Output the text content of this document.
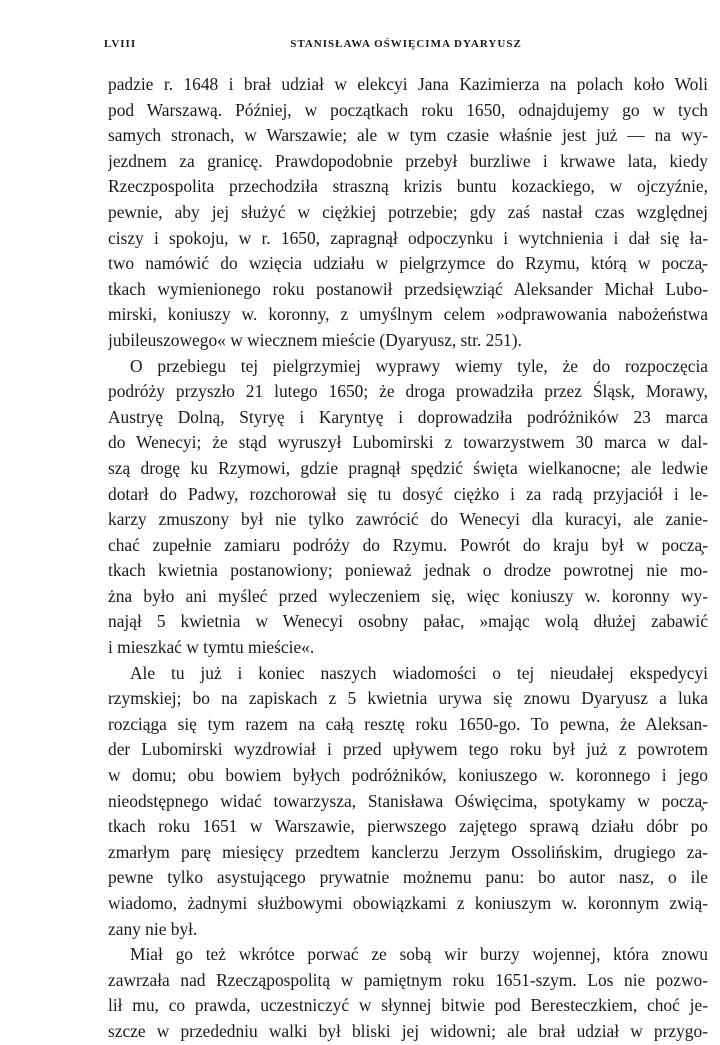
LVIII	STANISŁAWA OŚWIĘCIMA DYARYUSZ
padzie r. 1648 i brał udział w elekcyi Jana Kazimierza na polach koło Woli
pod Warszawą. Później, w początkach roku 1650, odnajdujemy go w tych
samych stronach, w Warszawie; ale w tym czasie właśnie jest już — na wy-
jezdnem za granicę. Prawdopodobnie przebył burzliwe i krwawe lata, kiedy
Rzeczpospolita przechodziła straszną krizis buntu kozackiego, w ojczyźnie,
pewnie, aby jej służyć w ciężkiej potrzebie; gdy zaś nastał czas względnej
ciszy i spokoju, w r. 1650, zapragnął odpoczynku i wytchnienia i dał się ła-
two namówić do wzięcia udziału w pielgrzymce do Rzymu, którą w pocza̧-
tkach wymienionego roku postanowił przedsięwziąć Aleksander Michał Lubo-
mirski, koniuszy w. koronny, z umyślnym celem »odprawowania nabożeństwa
jubileuszowego« w wiecznem mieście (Dyaryusz, str. 251).
O przebiegu tej pielgrzymiej wyprawy wiemy tyle, że do rozpoczęcia
podróży przyszło 21 lutego 1650; że droga prowadziła przez Śląsk, Morawy,
Austryę Dolną, Styryę i Karyntyę i doprowadziła podróżników 23 marca
do Wenecyi; że stąd wyruszył Lubomirski z towarzystwem 30 marca w dal-
szą drogę ku Rzymowi, gdzie pragnął spędzić święta wielkanocne; ale ledwie
dotarł do Padwy, rozchorował się tu dosyć ciężko i za radą przyjaciół i le-
karzy zmuszony był nie tylko zawrócić do Wenecyi dla kuracyi, ale zanie-
chać zupełnie zamiaru podróży do Rzymu. Powrót do kraju był w pocza̧-
tkach kwietnia postanowiony; ponieważ jednak o drodze powrotnej nie mo-
żna było ani myśleć przed wyleczeniem się, więc koniuszy w. koronny wy-
najął 5 kwietnia w Wenecyi osobny pałac, »mając wolą dłużej zabawić
i mieszkać w tymtu mieście«.
Ale tu już i koniec naszych wiadomości o tej nieudałej ekspedycyi
rzymskiej; bo na zapiskach z 5 kwietnia urywa się znowu Dyaryusz a luka
rozciąga się tym razem na całą resztę roku 1650-go. To pewna, że Aleksan-
der Lubomirski wyzdrowiał i przed upływem tego roku był już z powrotem
w domu; obu bowiem byłych podróżników, koniuszego w. koronnego i jego
nieodstępnego widać towarzysza, Stanisława Oświęcima, spotykamy w pocza̧-
tkach roku 1651 w Warszawie, pierwszego zajętego sprawą działu dóbr po
zmarłym parę miesięcy przedtem kanclerzu Jerzym Ossolińskim, drugiego za-
pewne tylko asystującego prywatnie możnemu panu: bo autor nasz, o ile
wiadomo, żadnymi służbowymi obowiązkami z koniuszym w. koronnym zwią-
zany nie był.
Miał go też wkrótce porwać ze sobą wir burzy wojennej, która znowu
zawrzała nad Rzecząpospolitą w pamiętnym roku 1651-szym. Los nie pozwo-
lił mu, co prawda, uczestniczyć w słynnej bitwie pod Beresteczkiem, choć je-
szcze w przededniu walki był bliski jej widowni; ale brał udział w przygo-
